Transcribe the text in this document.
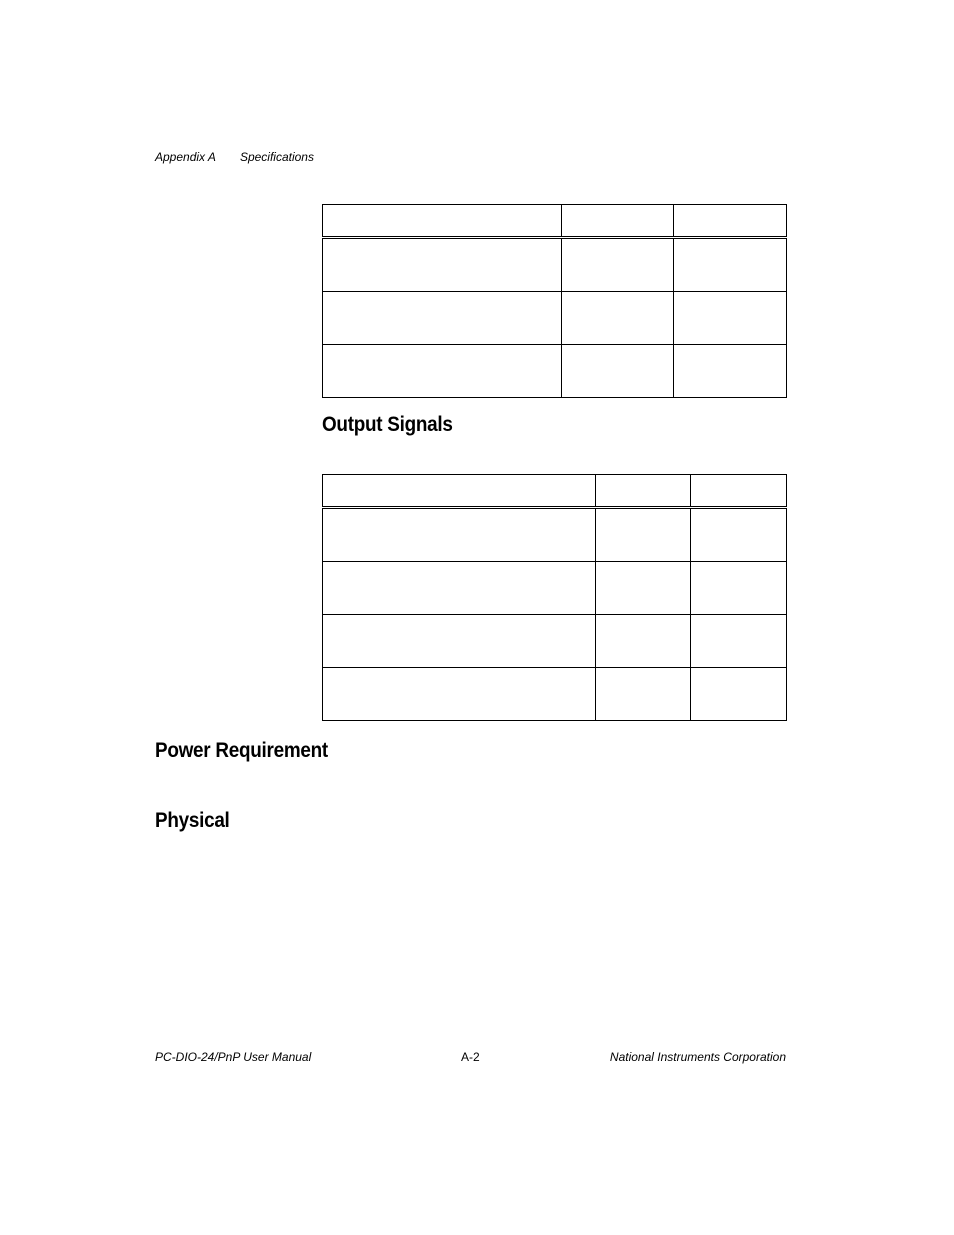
Appendix A Specifications

Output Signals

Power Requirement
Physical
PC-DIO-24/PnP User Manual	A-2	National Instruments Corporation
